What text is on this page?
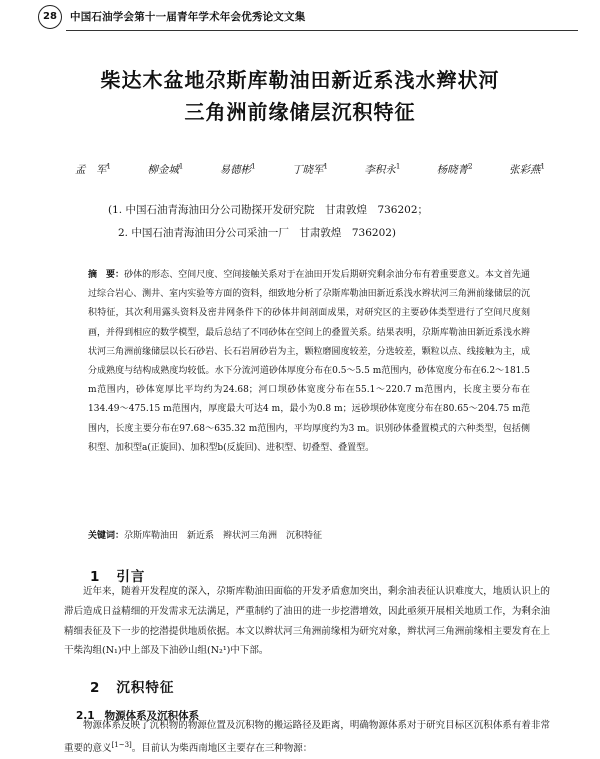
28	中国石油学会第十一届青年学术年会优秀论文文集
柴达木盆地尕斯库勒油田新近系浅水辫状河
三角洲前缘储层沉积特征
孟　军$^1$	柳金城$^1$	易德彬$^1$	丁晓军$^1$	李积永$^1$	杨晓菁$^2$	张彩燕$^1$
(1. 中国石油青海油田分公司勘探开发研究院　甘肃敦煌　736202；
2. 中国石油青海油田分公司采油一厂　甘肃敦煌　736202)
摘　要：砂体的形态、空间尺度、空间接触关系对于在油田开发后期研究剩余油分布有着重要意义。本文首先通过综合岩心、测井、室内实验等方面的资料，细致地分析了尕斯库勒油田新近系浅水辫状河三角洲前缘储层的沉积特征，其次利用露头资料及密井网条件下的砂体井间剖面成果，对研究区的主要砂体类型进行了空间尺度刻画，并得到相应的数学模型，最后总结了不同砂体在空间上的叠置关系。结果表明，尕斯库勒油田新近系浅水辫状河三角洲前缘储层以长石砂岩、长石岩屑砂岩为主，颗粒磨圆度较差，分选较差，颗粒以点、线接触为主，成分成熟度与结构成熟度均较低。水下分流河道砂体厚度分布在0.5～5.5 m范围内，砂体宽度分布在6.2～181.5 m范围内，砂体宽厚比平均约为24.68；河口坝砂体宽度分布在55.1～220.7 m范围内，长度主要分布在134.49～475.15 m范围内，厚度最大可达4 m，最小为0.8 m；远砂坝砂体宽度分布在80.65～204.75 m范围内，长度主要分布在97.68～635.32 m范围内，平均厚度约为3 m。识别砂体叠置模式的六种类型，包括侧积型、加积型a(正旋回)、加积型b(反旋回)、进积型、切叠型、叠置型。
关键词：尕斯库勒油田　新近系　辫状河三角洲　沉积特征
1 引言
近年来，随着开发程度的深入，尕斯库勒油田面临的开发矛盾愈加突出，剩余油表征认识难度大，地质认识上的滞后造成日益精细的开发需求无法满足，严重制约了油田的进一步挖潜增效，因此亟须开展相关地质工作，为剩余油精细表征及下一步的挖潜提供地质依据。本文以辫状河三角洲前缘相为研究对象，辫状河三角洲前缘相主要发育在上干柴沟组(N₁)中上部及下油砂山组(N₂¹)中下部。
2 沉积特征
2.1 物源体系及沉积体系
物源体系反映了沉积物的物源位置及沉积物的搬运路径及距离，明确物源体系对于研究目标区沉积体系有着非常重要的意义[1~3]。目前认为柴西南地区主要存在三种物源：
